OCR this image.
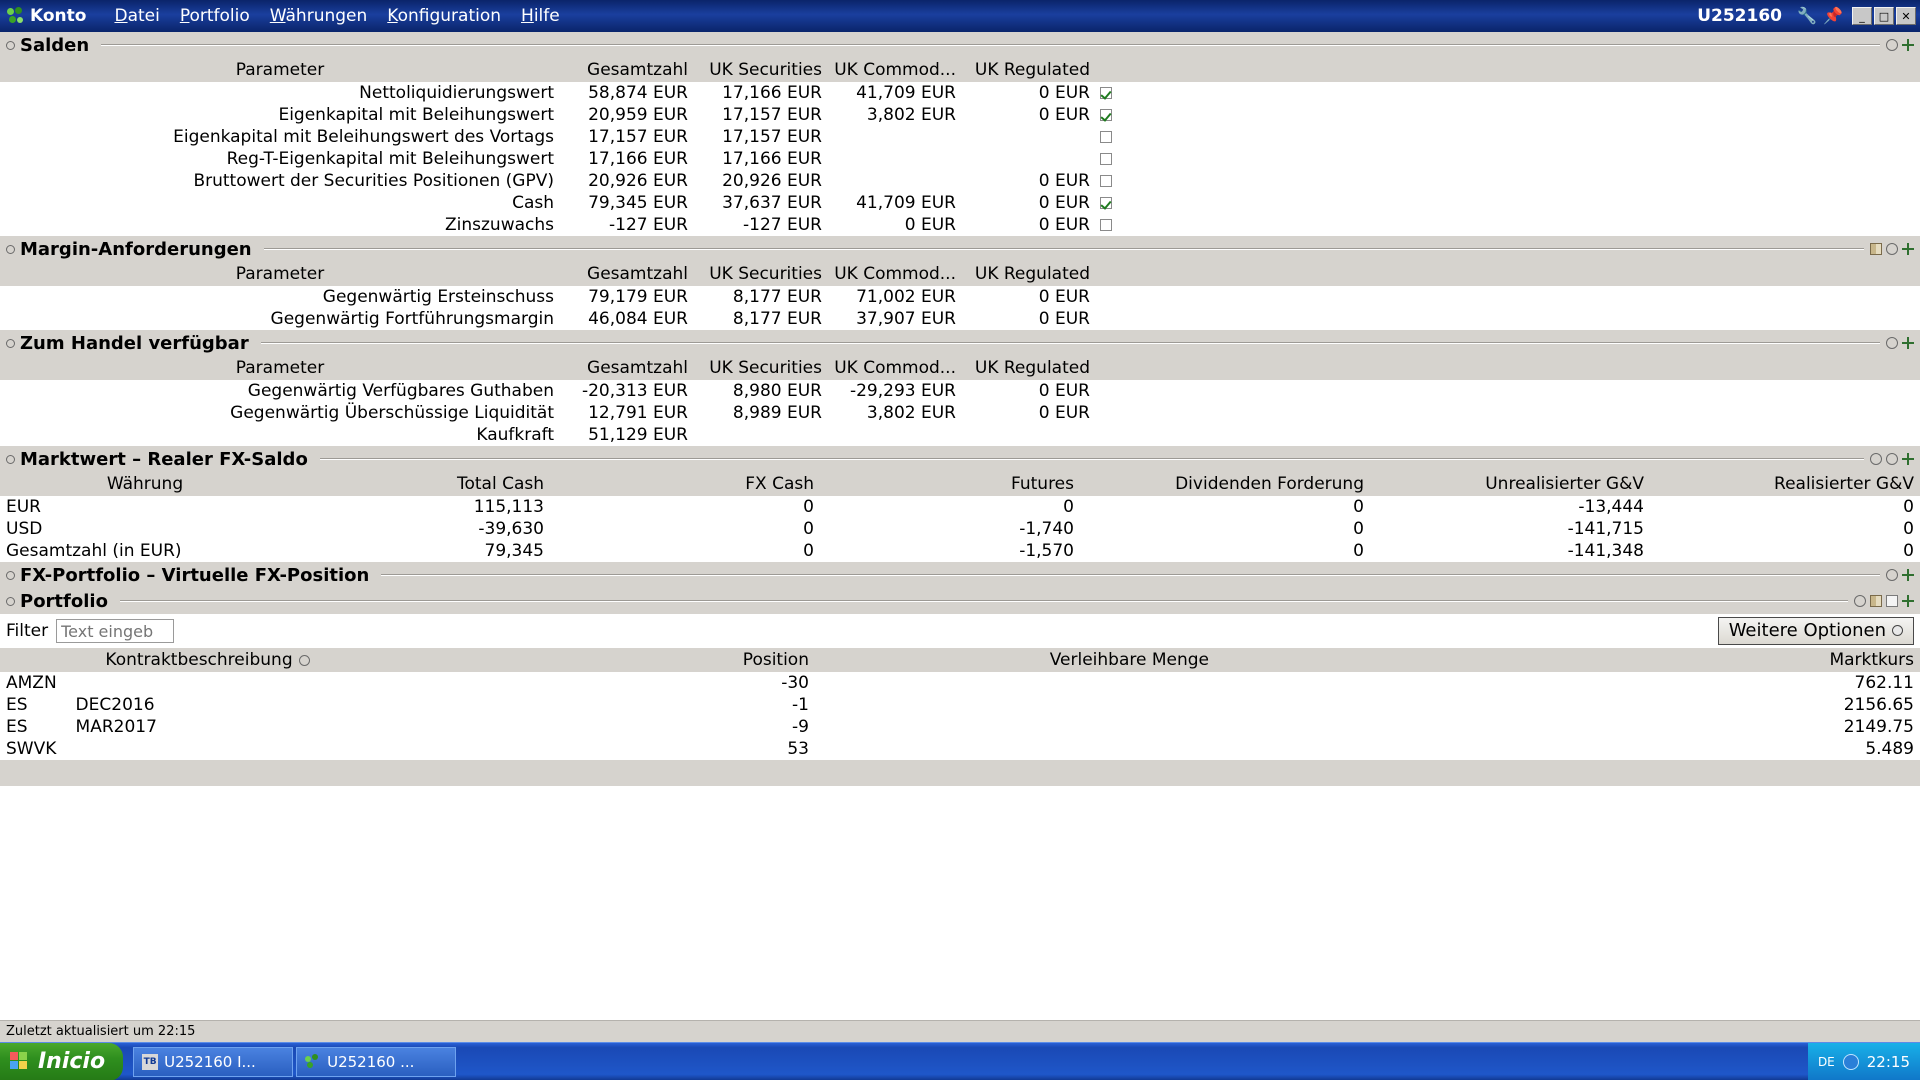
Konto	Datei	Portfolio	Währungen	Konfiguration	Hilfe	U252160 🔧 📌	_	□	✕
Salden
Parameter	Gesamtzahl	UK Securities	UK Commod...	UK Regulated		
Nettoliquidierungswert	58,874 EUR	17,166 EUR	41,709 EUR	0 EUR		
Eigenkapital mit Beleihungswert	20,959 EUR	17,157 EUR	3,802 EUR	0 EUR		
Eigenkapital mit Beleihungswert des Vortags	17,157 EUR	17,157 EUR				
Reg-T-Eigenkapital mit Beleihungswert	17,166 EUR	17,166 EUR				
Bruttowert der Securities Positionen (GPV)	20,926 EUR	20,926 EUR		0 EUR		
Cash	79,345 EUR	37,637 EUR	41,709 EUR	0 EUR		
Zinszuwachs	-127 EUR	-127 EUR	0 EUR	0 EUR		
Margin-Anforderungen
Parameter	Gesamtzahl	UK Securities	UK Commod...	UK Regulated		
Gegenwärtig Ersteinschuss	79,179 EUR	8,177 EUR	71,002 EUR	0 EUR		
Gegenwärtig Fortführungsmargin	46,084 EUR	8,177 EUR	37,907 EUR	0 EUR		
Zum Handel verfügbar
Parameter	Gesamtzahl	UK Securities	UK Commod...	UK Regulated		
Gegenwärtig Verfügbares Guthaben	-20,313 EUR	8,980 EUR	-29,293 EUR	0 EUR		
Gegenwärtig Überschüssige Liquidität	12,791 EUR	8,989 EUR	3,802 EUR	0 EUR		
Kaufkraft	51,129 EUR					
Marktwert – Realer FX-Saldo
Währung	Total Cash	FX Cash	Futures	Dividenden Forderung	Unrealisierter G&V	Realisierter G&V
EUR	115,113	0	0	0	-13,444	0
USD	-39,630	0	-1,740	0	-141,715	0
Gesamtzahl (in EUR)	79,345	0	-1,570	0	-141,348	0
FX-Portfolio – Virtuelle FX-Position
Portfolio
Filter
Text eingeb	Weitere Optionen
Kontraktbeschreibung	Position	Verleihbare Menge	Marktkurs
AMZN	-30		762.11
ES DEC2016	-1		2156.65
ES MAR2017	-9		2149.75
SWVK	53		5.489
Zuletzt aktualisiert um 22:15
Inicio	TB U252160 I...	U252160 ...	DE 22:15
